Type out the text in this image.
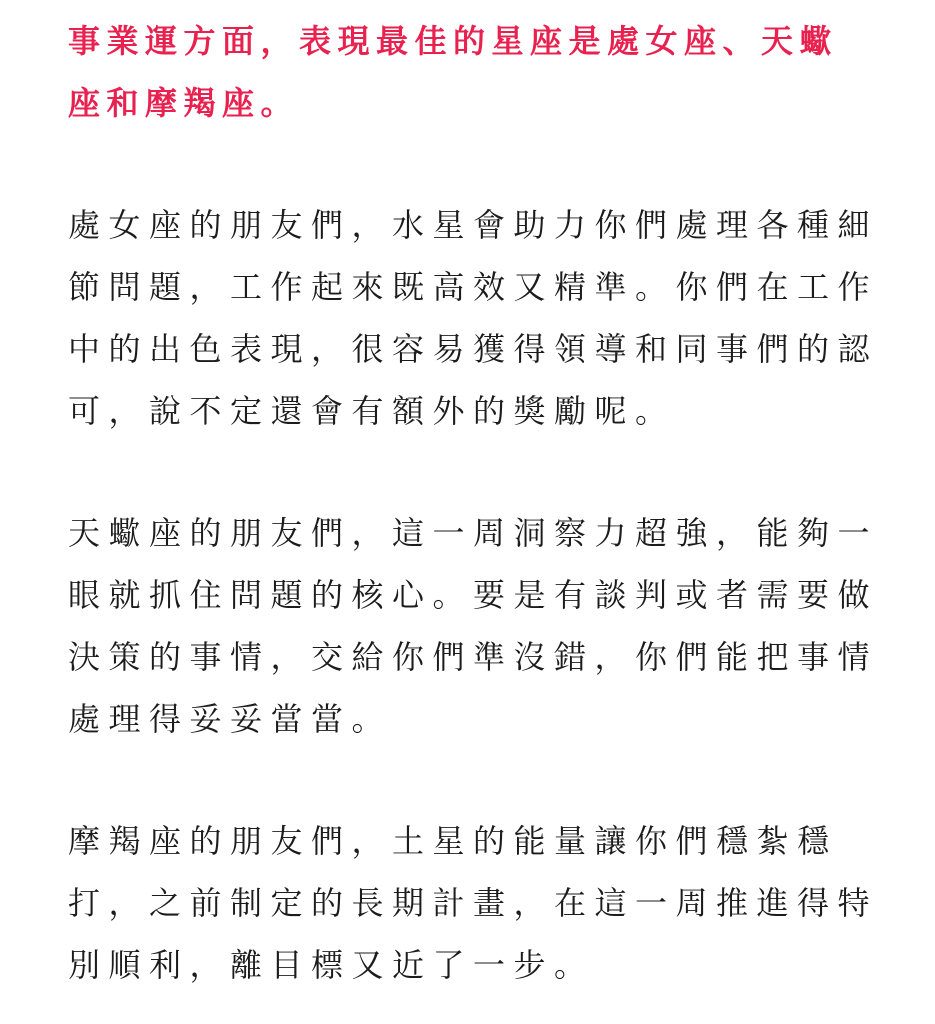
事業運方面，表現最佳的星座是處女座、天蠍
座和摩羯座。

處女座的朋友們，水星會助力你們處理各種細
節問題，工作起來既高效又精準。你們在工作
中的出色表現，很容易獲得領導和同事們的認
可，說不定還會有額外的獎勵呢。

天蠍座的朋友們，這一周洞察力超強，能夠一
眼就抓住問題的核心。要是有談判或者需要做
決策的事情，交給你們準沒錯，你們能把事情
處理得妥妥當當。

摩羯座的朋友們，土星的能量讓你們穩紮穩
打，之前制定的長期計畫，在這一周推進得特
別順利，離目標又近了一步。
